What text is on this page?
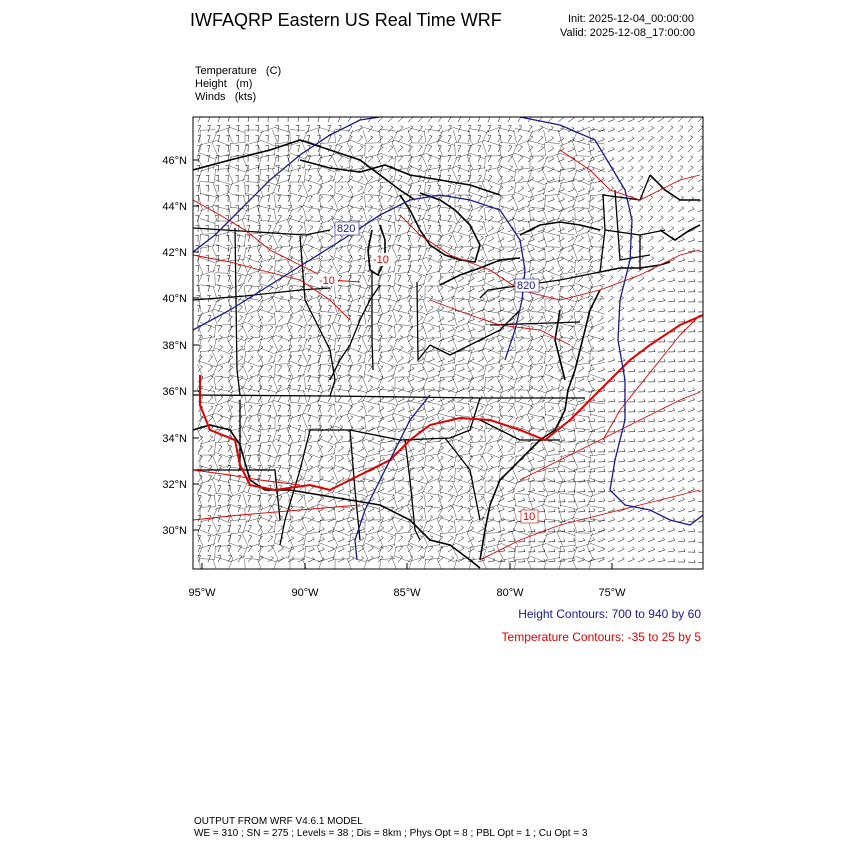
IWFAQRP Eastern US Real Time WRF	Init: 2025-12-04_00:00:00
Valid: 2025-12-08_17:00:00
Temperature   (C)
Height   (m)
Winds   (kts)
820
820
-10
-10
10
46°N
44°N
42°N
40°N
38°N
36°N
34°N
32°N
30°N
95°W	90°W	85°W	80°W	75°W
Height Contours: 700 to 940 by 60
Temperature Contours: -35 to 25 by 5
OUTPUT FROM WRF V4.6.1 MODEL
WE = 310 ; SN = 275 ; Levels = 38 ; Dis = 8km ; Phys Opt = 8 ; PBL Opt = 1 ; Cu Opt = 3
